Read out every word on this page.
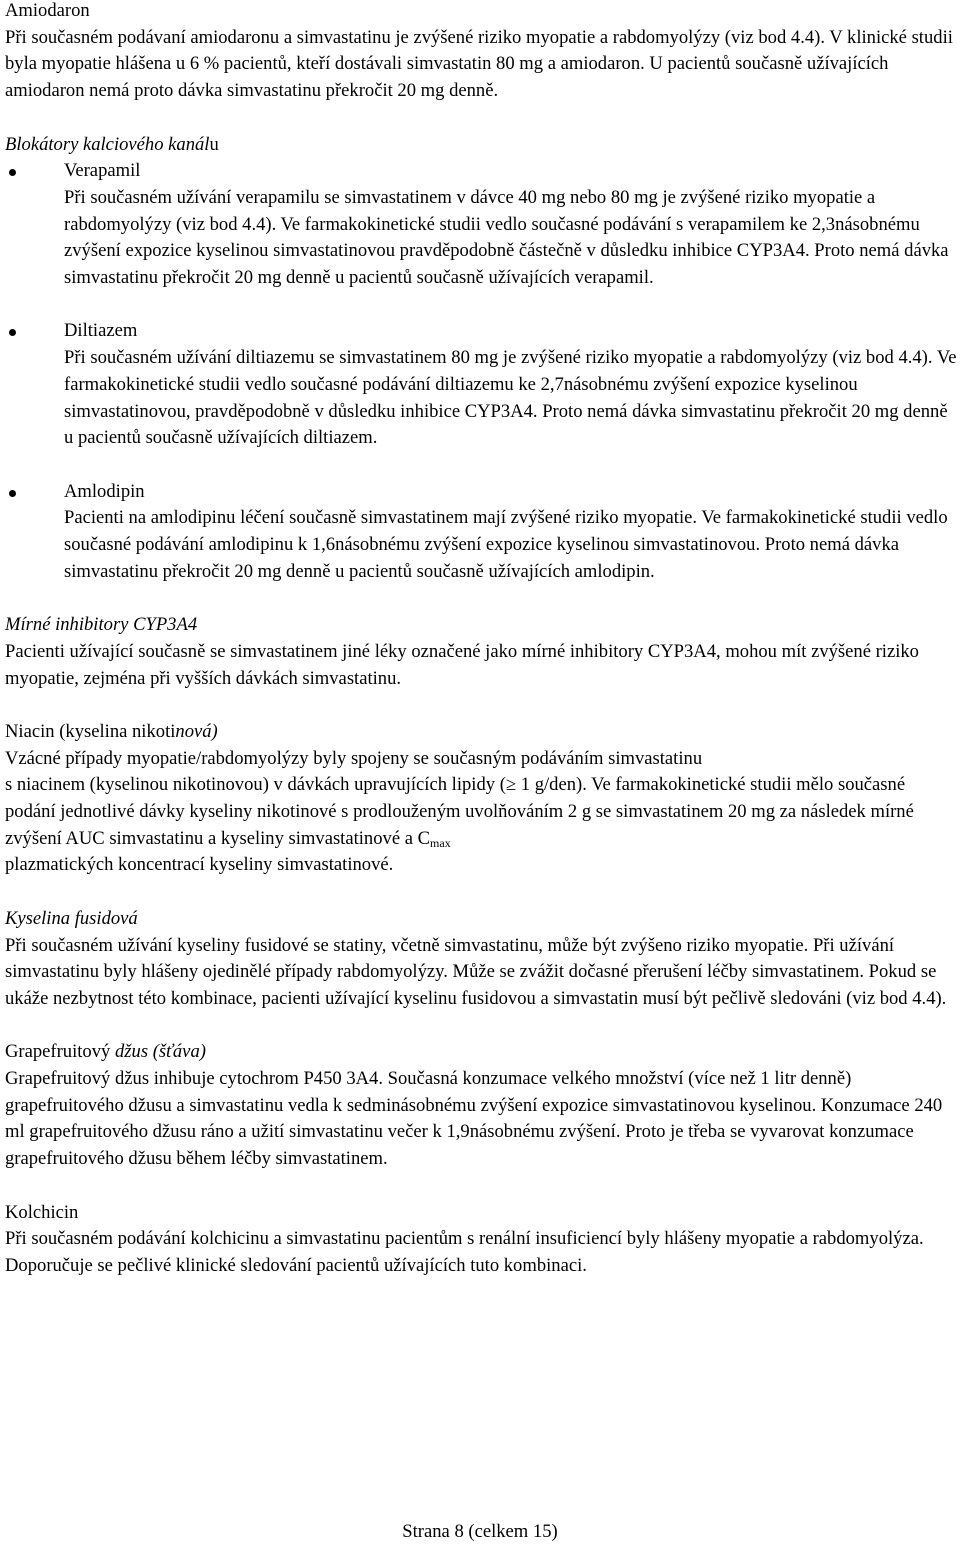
Amiodaron

Při současném podávaní amiodaronu a simvastatinu je zvýšené riziko myopatie a rabdomyolýzy (viz bod 4.4). V klinické studii byla myopatie hlášena u 6 % pacientů, kteří dostávali simvastatin 80 mg a amiodaron. U pacientů současně užívajících amiodaron nemá proto dávka simvastatinu překročit 20 mg denně.

Blokátory kalciového kanálu

Verapamil

Při současném užívání verapamilu se simvastatinem v dávce 40 mg nebo 80 mg je zvýšené riziko myopatie a rabdomyolýzy (viz bod 4.4). Ve farmakokinetické studii vedlo současné podávání s verapamilem ke 2,3násobnému zvýšení expozice kyselinou simvastatinovou pravděpodobně částečně v důsledku inhibice CYP3A4. Proto nemá dávka simvastatinu překročit 20 mg denně u pacientů současně užívajících verapamil.

Diltiazem

Při současném užívání diltiazemu se simvastatinem 80 mg je zvýšené riziko myopatie a rabdomyolýzy (viz bod 4.4). Ve farmakokinetické studii vedlo současné podávání diltiazemu ke 2,7násobnému zvýšení expozice kyselinou simvastatinovou, pravděpodobně v důsledku inhibice CYP3A4. Proto nemá dávka simvastatinu překročit 20 mg denně u pacientů současně užívajících diltiazem.

Amlodipin

Pacienti na amlodipinu léčení současně simvastatinem mají zvýšené riziko myopatie. Ve farmakokinetické studii vedlo současné podávání amlodipinu k 1,6násobnému zvýšení expozice kyselinou simvastatinovou. Proto nemá dávka simvastatinu překročit 20 mg denně u pacientů současně užívajících amlodipin.

Mírné inhibitory CYP3A4

Pacienti užívající současně se simvastatinem jiné léky označené jako mírné inhibitory CYP3A4, mohou mít zvýšené riziko myopatie, zejména při vyšších dávkách simvastatinu.

Niacin (kyselina nikotinová)

Vzácné případy myopatie/rabdomyolýzy byly spojeny se současným podáváním simvastatinu

s niacinem (kyselinou nikotinovou) v dávkách upravujících lipidy (≥ 1 g/den). Ve farmakokinetické studii mělo současné podání jednotlivé dávky kyseliny nikotinové s prodlouženým uvolňováním 2 g se simvastatinem 20 mg za následek mírné zvýšení AUC simvastatinu a kyseliny simvastatinové a $C_{max}$

plazmatických koncentrací kyseliny simvastatinové.

Kyselina fusidová

Při současném užívání kyseliny fusidové se statiny, včetně simvastatinu, může být zvýšeno riziko myopatie. Při užívání simvastatinu byly hlášeny ojedinělé případy rabdomyolýzy. Může se zvážit dočasné přerušení léčby simvastatinem. Pokud se ukáže nezbytnost této kombinace, pacienti užívající kyselinu fusidovou a simvastatin musí být pečlivě sledováni (viz bod 4.4).

Grapefruitový džus (šťáva)

Grapefruitový džus inhibuje cytochrom P450 3A4. Současná konzumace velkého množství (více než 1 litr denně) grapefruitového džusu a simvastatinu vedla k sedminásobnému zvýšení expozice simvastatinovou kyselinou. Konzumace 240 ml grapefruitového džusu ráno a užití simvastatinu večer k 1,9násobnému zvýšení. Proto je třeba se vyvarovat konzumace grapefruitového džusu během léčby simvastatinem.

Kolchicin

Při současném podávání kolchicinu a simvastatinu pacientům s renální insuficiencí byly hlášeny myopatie a rabdomyolýza. Doporučuje se pečlivé klinické sledování pacientů užívajících tuto kombinaci.

Strana 8 (celkem 15)
